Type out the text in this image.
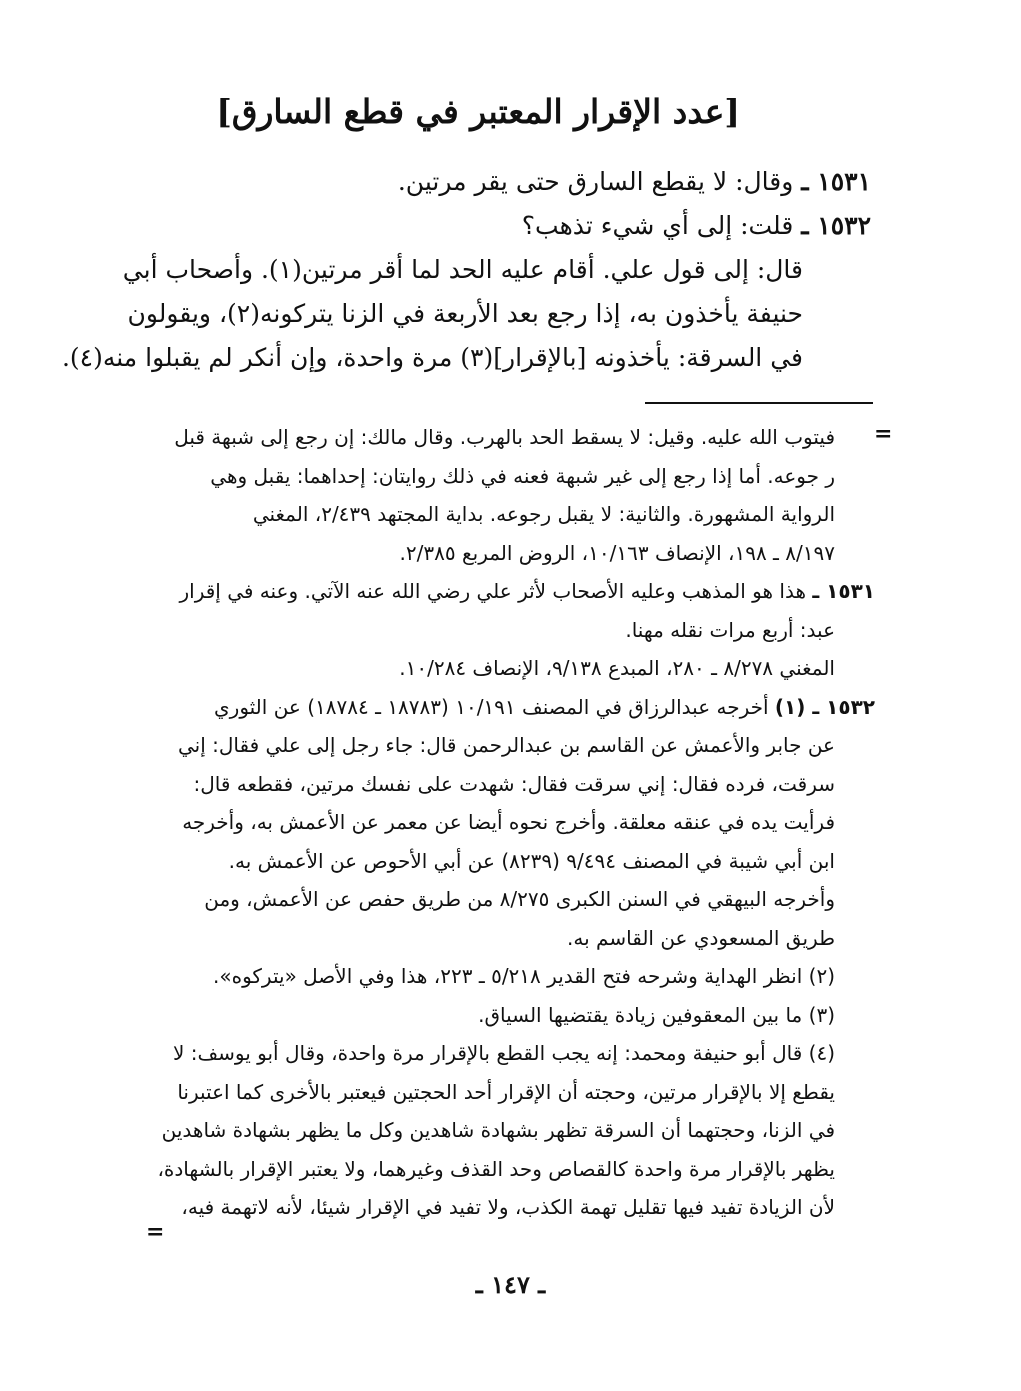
[عدد الإقرار المعتبر في قطع السارق]
١٥٣١ ـ وقال: لا يقطع السارق حتى يقر مرتين.
١٥٣٢ ـ قلت: إلى أي شيء تذهب؟
قال: إلى قول علي. أقام عليه الحد لما أقر مرتين(١). وأصحاب أبي
حنيفة يأخذون به، إذا رجع بعد الأربعة في الزنا يتركونه(٢)، ويقولون
في السرقة: يأخذونه [بالإقرار](٣) مرة واحدة، وإن أنكر لم يقبلوا منه(٤).
=
فيتوب الله عليه. وقيل: لا يسقط الحد بالهرب. وقال مالك: إن رجع إلى شبهة قبل
ر جوعه. أما إذا رجع إلى غير شبهة فعنه في ذلك روايتان: إحداهما: يقبل وهي
الرواية المشهورة. والثانية: لا يقبل رجوعه. بداية المجتهد ٢/٤٣٩، المغني
٨/١٩٧ ـ ١٩٨، الإنصاف ١٠/١٦٣، الروض المربع ٢/٣٨٥.
١٥٣١ ـ هذا هو المذهب وعليه الأصحاب لأثر علي رضي الله عنه الآتي. وعنه في إقرار
عبد: أربع مرات نقله مهنا.
المغني ٨/٢٧٨ ـ ٢٨٠، المبدع ٩/١٣٨، الإنصاف ١٠/٢٨٤.
١٥٣٢ ـ (١) أخرجه عبدالرزاق في المصنف ١٠/١٩١ (١٨٧٨٣ ـ ١٨٧٨٤) عن الثوري
عن جابر والأعمش عن القاسم بن عبدالرحمن قال: جاء رجل إلى علي فقال: إني
سرقت، فرده فقال: إني سرقت فقال: شهدت على نفسك مرتين، فقطعه قال:
فرأيت يده في عنقه معلقة. وأخرج نحوه أيضا عن معمر عن الأعمش به، وأخرجه
ابن أبي شيبة في المصنف ٩/٤٩٤ (٨٢٣٩) عن أبي الأحوص عن الأعمش به.
وأخرجه البيهقي في السنن الكبرى ٨/٢٧٥ من طريق حفص عن الأعمش، ومن
طريق المسعودي عن القاسم به.
(٢) انظر الهداية وشرحه فتح القدير ٥/٢١٨ ـ ٢٢٣، هذا وفي الأصل «يتركوه».
(٣) ما بين المعقوفين زيادة يقتضيها السياق.
(٤) قال أبو حنيفة ومحمد: إنه يجب القطع بالإقرار مرة واحدة، وقال أبو يوسف: لا
يقطع إلا بالإقرار مرتين، وحجته أن الإقرار أحد الحجتين فيعتبر بالأخرى كما اعتبرنا
في الزنا، وحجتهما أن السرقة تظهر بشهادة شاهدين وكل ما يظهر بشهادة شاهدين
يظهر بالإقرار مرة واحدة كالقصاص وحد القذف وغيرهما، ولا يعتبر الإقرار بالشهادة،
لأن الزيادة تفيد فيها تقليل تهمة الكذب، ولا تفيد في الإقرار شيئا، لأنه لاتهمة فيه،
=
ـ ١٤٧ ـ
